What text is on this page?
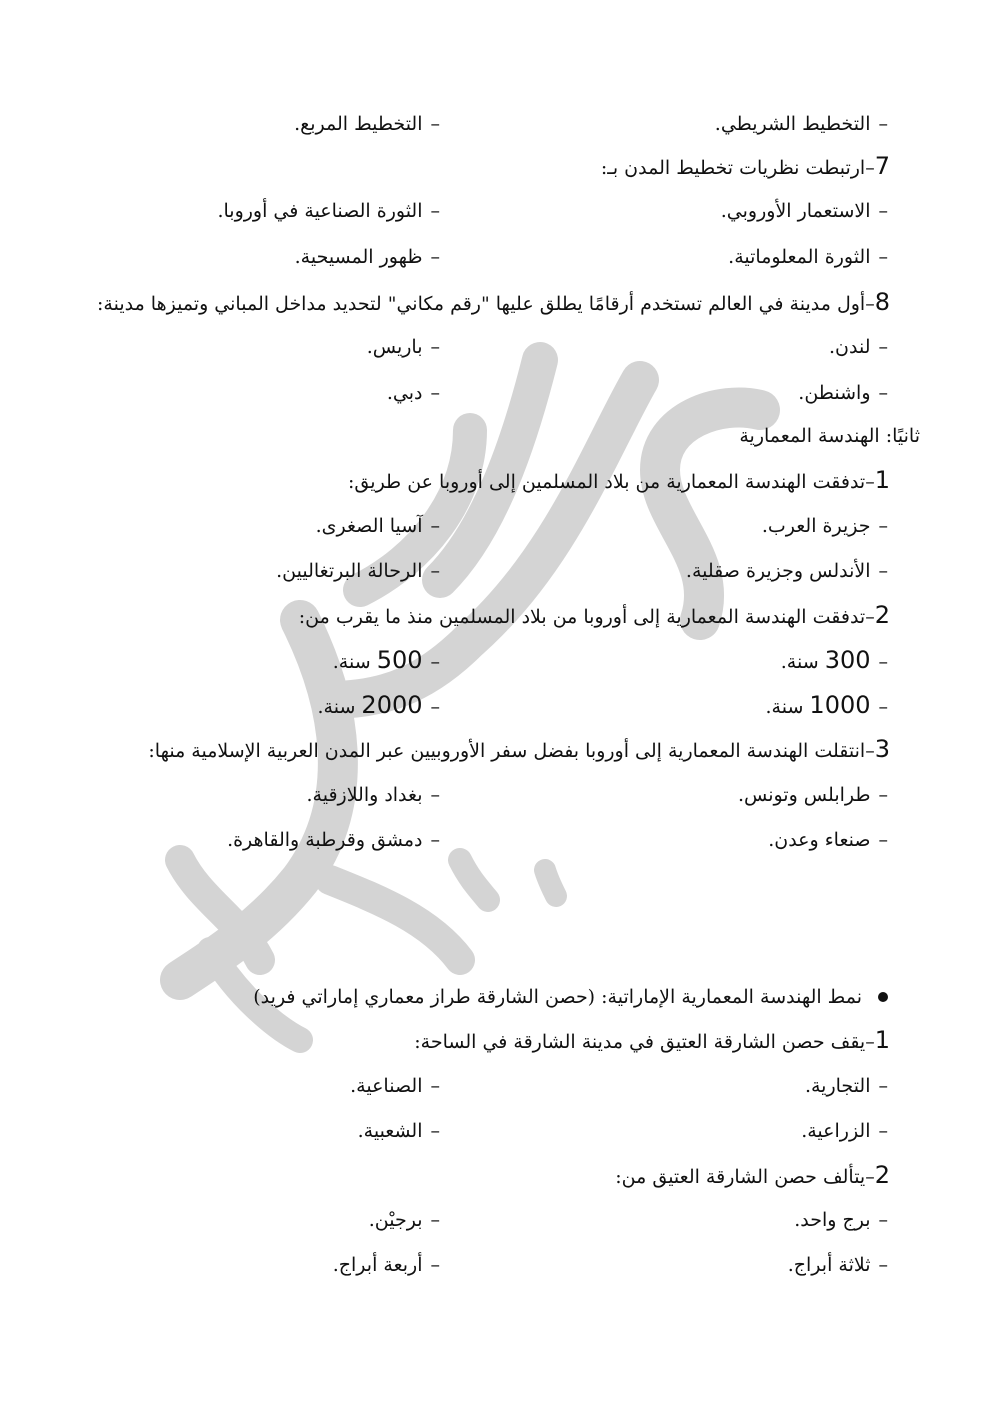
–التخطيط الشريطي.
–التخطيط المربع.
7–ارتبطت نظريات تخطيط المدن بـ:
–الاستعمار الأوروبي.
–الثورة الصناعية في أوروبا.
–الثورة المعلوماتية.
–ظهور المسيحية.
8–أول مدينة في العالم تستخدم أرقامًا يطلق عليها "رقم مكاني" لتحديد مداخل المباني وتميزها مدينة:
–لندن.
–باريس.
–واشنطن.
–دبي.
ثانيًا: الهندسة المعمارية
1–تدفقت الهندسة المعمارية من بلاد المسلمين إلى أوروبا عن طريق:
–جزيرة العرب.
–آسيا الصغرى.
–الأندلس وجزيرة صقلية.
–الرحالة البرتغاليين.
2–تدفقت الهندسة المعمارية إلى أوروبا من بلاد المسلمين منذ ما يقرب من:
–300 سنة.
–500 سنة.
–1000 سنة.
–2000 سنة.
3–انتقلت الهندسة المعمارية إلى أوروبا بفضل سفر الأوروبيين عبر المدن العربية الإسلامية منها:
–طرابلس وتونس.
–بغداد واللازقية.
–صنعاء وعدن.
–دمشق وقرطبة والقاهرة.
نمط الهندسة المعمارية الإماراتية: (حصن الشارقة طراز معماري إماراتي فريد)
1–يقف حصن الشارقة العتيق في مدينة الشارقة في الساحة:
–التجارية.
–الصناعية.
–الزراعية.
–الشعبية.
2–يتألف حصن الشارقة العتيق من:
–برج واحد.
–برجيْن.
–ثلاثة أبراج.
–أربعة أبراج.
